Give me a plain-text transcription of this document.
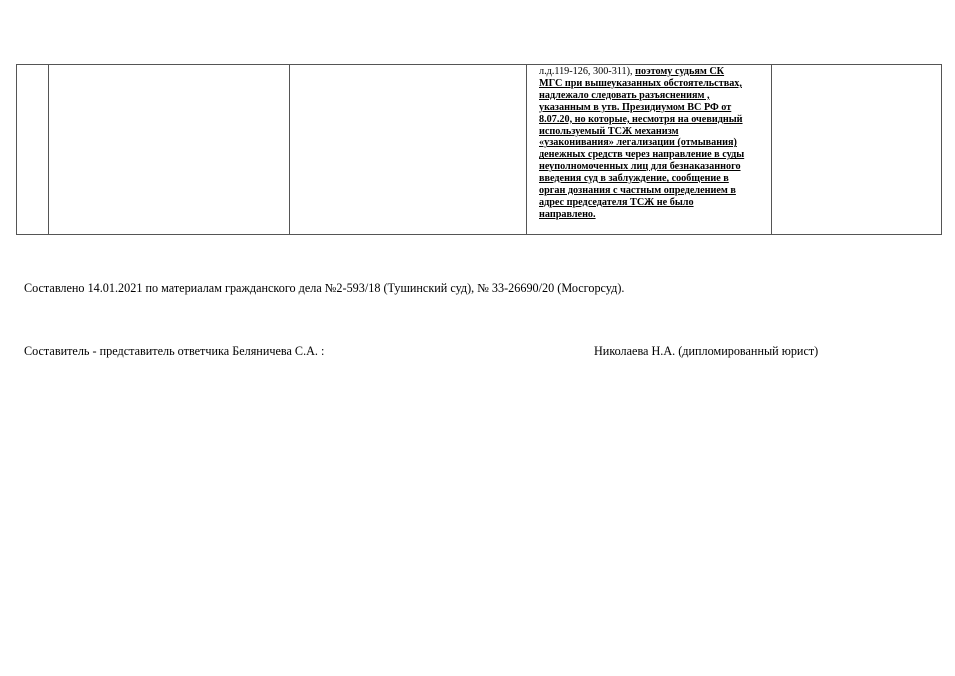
л.д.119-126, 300-311), поэтому судьям СК
МГС при вышеуказанных обстоятельствах,
надлежало следовать разъяснениям ,
указанным в утв. Президиумом ВС РФ от
8.07.20, но которые, несмотря на очевидный
используемый ТСЖ механизм
«узаконивания» легализации (отмывания)
денежных средств через направление в суды
неуполномоченных лиц для безнаказанного
введения суд в заблуждение, сообщение в
орган дознания с частным определением в
адрес председателя ТСЖ не было
направлено.

Составлено 14.01.2021 по материалам гражданского дела №2-593/18 (Тушинский суд), № 33-26690/20 (Мосгорсуд).
Составитель - представитель ответчика Беляничева С.А. :	Николаева Н.А. (дипломированный юрист)
